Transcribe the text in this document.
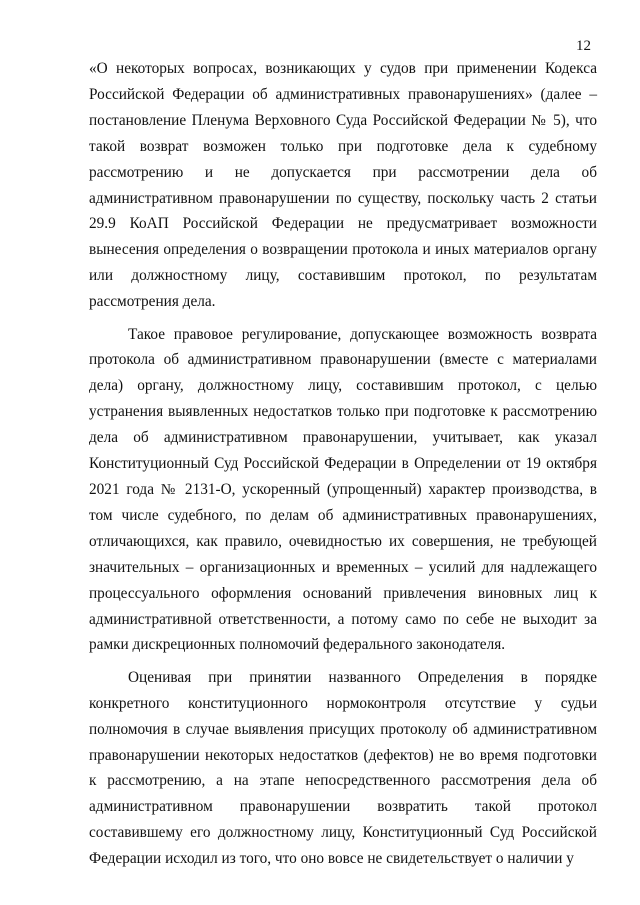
12

«О некоторых вопросах, возникающих у судов при применении Кодекса Российской Федерации об административных правонарушениях» (далее – постановление Пленума Верховного Суда Российской Федерации № 5), что такой возврат возможен только при подготовке дела к судебному рассмотрению и не допускается при рассмотрении дела об административном правонарушении по существу, поскольку часть 2 статьи 29.9 КоАП Российской Федерации не предусматривает возможности вынесения определения о возвращении протокола и иных материалов органу или должностному лицу, составившим протокол, по результатам рассмотрения дела.

Такое правовое регулирование, допускающее возможность возврата протокола об административном правонарушении (вместе с материалами дела) органу, должностному лицу, составившим протокол, с целью устранения выявленных недостатков только при подготовке к рассмотрению дела об административном правонарушении, учитывает, как указал Конституционный Суд Российской Федерации в Определении от 19 октября 2021 года № 2131-О, ускоренный (упрощенный) характер производства, в том числе судебного, по делам об административных правонарушениях, отличающихся, как правило, очевидностью их совершения, не требующей значительных – организационных и временных – усилий для надлежащего процессуального оформления оснований привлечения виновных лиц к административной ответственности, а потому само по себе не выходит за рамки дискреционных полномочий федерального законодателя.

Оценивая при принятии названного Определения в порядке конкретного конституционного нормоконтроля отсутствие у судьи полномочия в случае выявления присущих протоколу об административном правонарушении некоторых недостатков (дефектов) не во время подготовки к рассмотрению, а на этапе непосредственного рассмотрения дела об административном правонарушении возвратить такой протокол составившему его должностному лицу, Конституционный Суд Российской Федерации исходил из того, что оно вовсе не свидетельствует о наличии у
